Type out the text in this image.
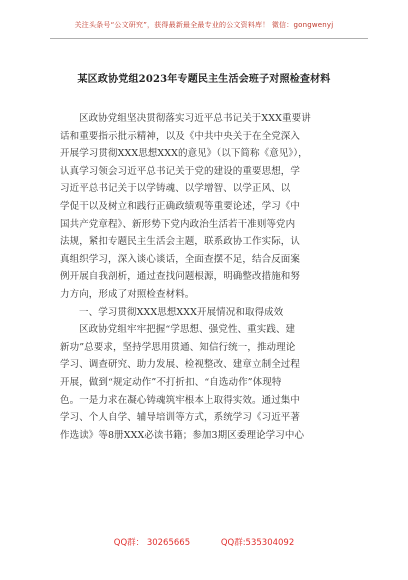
关注头条号“公文研究”，获得最新最全最专业的公文资料库！ 微信：gongwenyj
某区政协党组2023年专题民主生活会班子对照检查材料

区政协党组坚决贯彻落实习近平总书记关于XXX重要讲

话和重要指示批示精神，以及《中共中央关于在全党深入

开展学习贯彻XXX思想XXX的意见》（以下简称《意见》），

认真学习领会习近平总书记关于党的建设的重要思想，学

习近平总书记关于以学铸魂、以学增智、以学正风、以

学促干以及树立和践行正确政绩观等重要论述，学习《中

国共产党章程》、新形势下党内政治生活若干准则等党内

法规，紧扣专题民主生活会主题，联系政协工作实际，认

真组织学习，深入谈心谈话，全面查摆不足，结合反面案

例开展自我剖析，通过查找问题根源，明确整改措施和努

力方向，形成了对照检查材料。

一、学习贯彻XXX思想XXX开展情况和取得成效

区政协党组牢牢把握“学思想、强党性、重实践、建

新功”总要求，坚持学思用贯通、知信行统一，推动理论

学习、调查研究、助力发展、检视整改、建章立制全过程

开展，做到“规定动作”不打折扣、“自选动作”体现特

色。一是力求在凝心铸魂筑牢根本上取得实效。通过集中

学习、个人自学、辅导培训等方式，系统学习《习近平著

作选读》等8册XXX必读书籍；参加3期区委理论学习中心

QQ群： 30265665	QQ群:535304092
